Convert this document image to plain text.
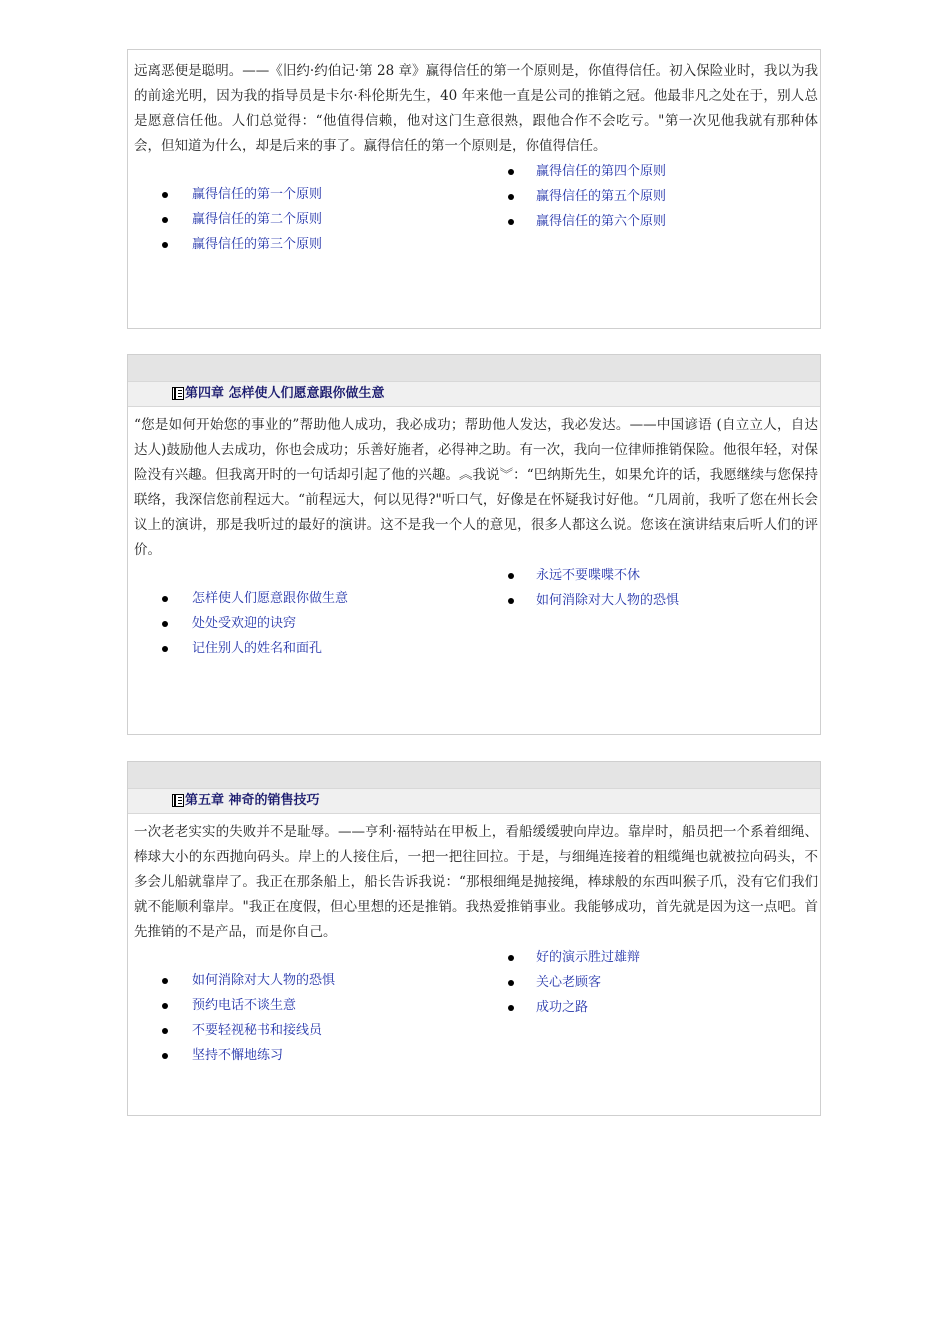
远离恶便是聪明。——《旧约·约伯记·第 28 章》赢得信任的第一个原则是，你值得信任。初入保险业时，我以为我的前途光明，因为我的指导员是卡尔·科伦斯先生，40 年来他一直是公司的推销之冠。他最非凡之处在于，别人总是愿意信任他。人们总觉得：“他值得信赖，他对这门生意很熟，跟他合作不会吃亏。"第一次见他我就有那种体会，但知道为什么，却是后来的事了。赢得信任的第一个原则是，你值得信任。

赢得信任的第四个原则
赢得信任的第五个原则
赢得信任的第六个原则
赢得信任的第一个原则
赢得信任的第二个原则
赢得信任的第三个原则
第四章 怎样使人们愿意跟你做生意

“您是如何开始您的事业的”帮助他人成功，我必成功；帮助他人发达，我必发达。——中国谚语 (自立立人，自达达人)鼓励他人去成功，你也会成功；乐善好施者，必得神之助。有一次，我向一位律师推销保险。他很年轻，对保险没有兴趣。但我离开时的一句话却引起了他的兴趣。︽我说︾：“巴纳斯先生，如果允许的话，我愿继续与您保持联络，我深信您前程远大。“前程远大，何以见得?"听口气，好像是在怀疑我讨好他。“几周前，我听了您在州长会议上的演讲，那是我听过的最好的演讲。这不是我一个人的意见，很多人都这么说。您该在演讲结束后听人们的评价。

永远不要喋喋不休
如何消除对大人物的恐惧
怎样使人们愿意跟你做生意
处处受欢迎的诀窍
记住别人的姓名和面孔
第五章 神奇的销售技巧

一次老老实实的失败并不是耻辱。——亨利·福特站在甲板上，看船缓缓驶向岸边。靠岸时，船员把一个系着细绳、棒球大小的东西抛向码头。岸上的人接住后，一把一把往回拉。于是，与细绳连接着的粗缆绳也就被拉向码头，不多会儿船就靠岸了。我正在那条船上，船长告诉我说：“那根细绳是抛接绳，棒球般的东西叫猴子爪，没有它们我们就不能顺利靠岸。"我正在度假，但心里想的还是推销。我热爱推销事业。我能够成功，首先就是因为这一点吧。首先推销的不是产品，而是你自己。

好的演示胜过雄辩
关心老顾客
成功之路
如何消除对大人物的恐惧
预约电话不谈生意
不要轻视秘书和接线员
坚持不懈地练习
